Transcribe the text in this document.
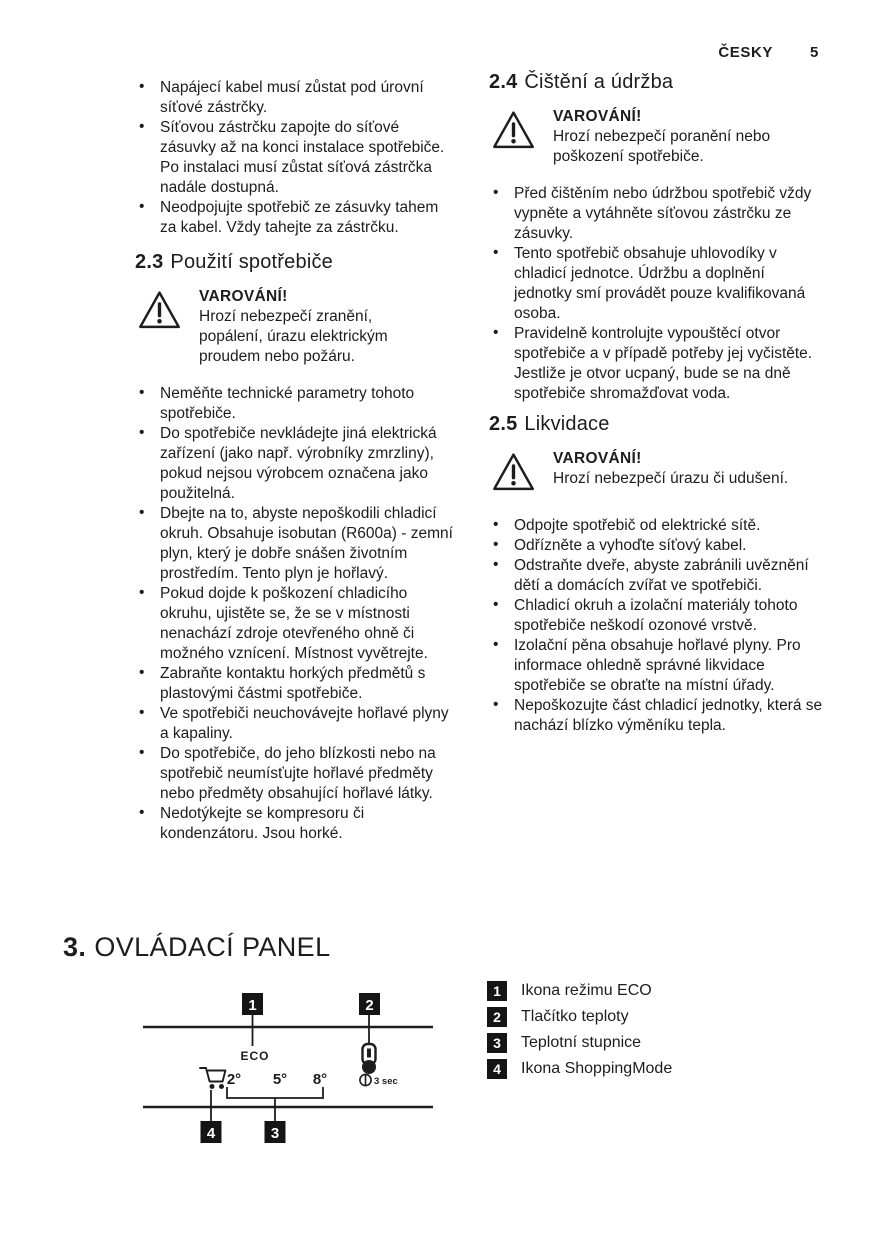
ČESKY 5
• Napájecí kabel musí zůstat pod úrovní síťové zástrčky.
• Síťovou zástrčku zapojte do síťové zásuvky až na konci instalace spotřebiče. Po instalaci musí zůstat síťová zástrčka nadále dostupná.
• Neodpojujte spotřebič ze zásuvky tahem za kabel. Vždy tahejte za zástrčku.
2.3 Použití spotřebiče
VAROVÁNÍ!
Hrozí nebezpečí zranění, popálení, úrazu elektrickým proudem nebo požáru.
• Neměňte technické parametry tohoto spotřebiče.
• Do spotřebiče nevkládejte jiná elektrická zařízení (jako např. výrobníky zmrzliny), pokud nejsou výrobcem označena jako použitelná.
• Dbejte na to, abyste nepoškodili chladicí okruh. Obsahuje isobutan (R600a) - zemní plyn, který je dobře snášen životním prostředím. Tento plyn je hořlavý.
• Pokud dojde k poškození chladicího okruhu, ujistěte se, že se v místnosti nenachází zdroje otevřeného ohně či možného vznícení. Místnost vyvětrejte.
• Zabraňte kontaktu horkých předmětů s plastovými částmi spotřebiče.
• Ve spotřebiči neuchovávejte hořlavé plyny a kapaliny.
• Do spotřebiče, do jeho blízkosti nebo na spotřebič neumísťujte hořlavé předměty nebo předměty obsahující hořlavé látky.
• Nedotýkejte se kompresoru či kondenzátoru. Jsou horké.
2.4 Čištění a údržba
VAROVÁNÍ!
Hrozí nebezpečí poranění nebo poškození spotřebiče.
• Před čištěním nebo údržbou spotřebič vždy vypněte a vytáhněte síťovou zástrčku ze zásuvky.
• Tento spotřebič obsahuje uhlovodíky v chladicí jednotce. Údržbu a doplnění jednotky smí provádět pouze kvalifikovaná osoba.
• Pravidelně kontrolujte vypouštěcí otvor spotřebiče a v případě potřeby jej vyčistěte. Jestliže je otvor ucpaný, bude se na dně spotřebiče shromažďovat voda.
2.5 Likvidace
VAROVÁNÍ!
Hrozí nebezpečí úrazu či udušení.
• Odpojte spotřebič od elektrické sítě.
• Odřízněte a vyhoďte síťový kabel.
• Odstraňte dveře, abyste zabránili uvěznění dětí a domácích zvířat ve spotřebiči.
• Chladicí okruh a izolační materiály tohoto spotřebiče neškodí ozonové vrstvě.
• Izolační pěna obsahuje hořlavé plyny. Pro informace ohledně správné likvidace spotřebiče se obraťte na místní úřady.
• Nepoškozujte část chladicí jednotky, která se nachází blízko výměníku tepla.
3. OVLÁDACÍ PANEL
1	2
ECO
3 sec
2° 5° 8°
4	3
1	Ikona režimu ECO
2	Tlačítko teploty
3	Teplotní stupnice
4	Ikona ShoppingMode
